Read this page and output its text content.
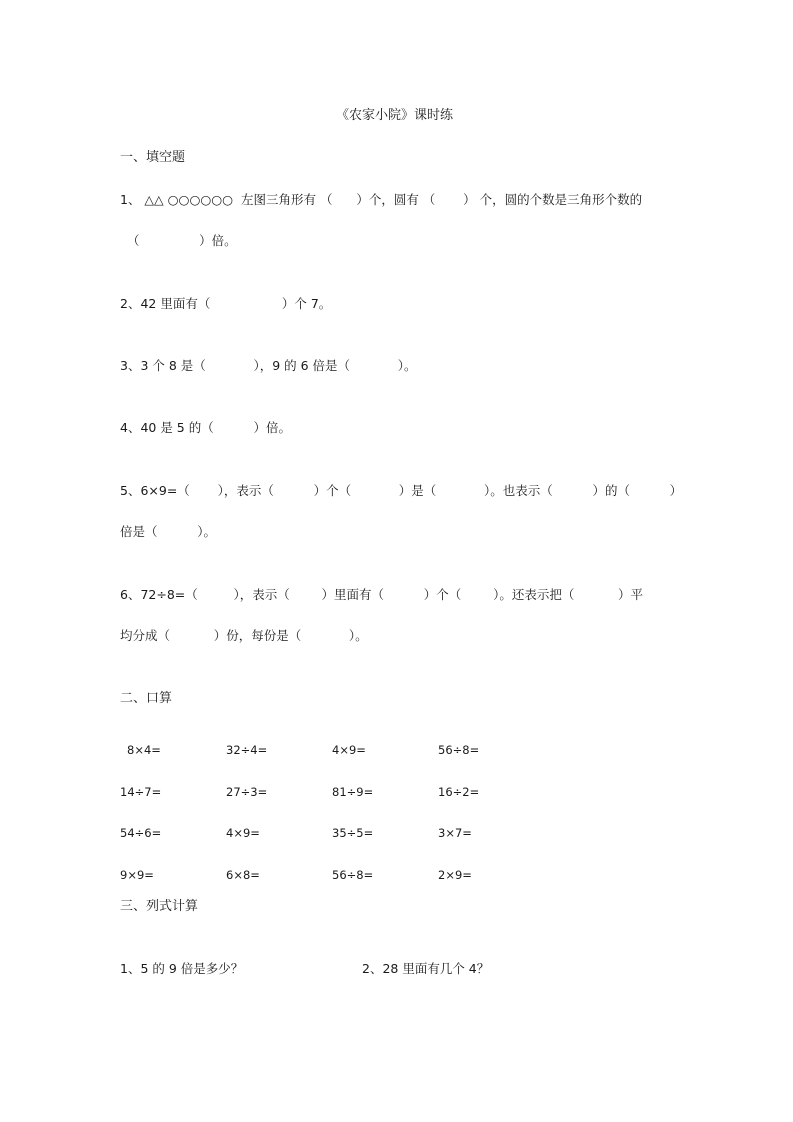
《农家小院》课时练
一、填空题
1、 △△ ○○○○○○  左图三角形有 （      ）个，圆有 （       ） 个，圆的个数是三角形个数的
（               ）倍。
2、42 里面有（                  ）个 7。
3、3 个 8 是（            ），9 的 6 倍是（            ）。
4、40 是 5 的（          ）倍。
5、6×9=（       ），表示（          ）个（            ）是（            ）。也表示（          ）的（          ）
倍是（          ）。
6、72÷8=（         ），表示（        ）里面有（          ）个（        ）。还表示把（           ）平
均分成（           ）份，每份是（            ）。
二、口算
8×4=	32÷4=	4×9=	56÷8=
14÷7=	27÷3=	81÷9=	16÷2=
54÷6=	4×9=	35÷5=	3×7=
9×9=	6×8=	56÷8=	2×9=
三、列式计算
1、5 的 9 倍是多少？	2、28 里面有几个 4？
